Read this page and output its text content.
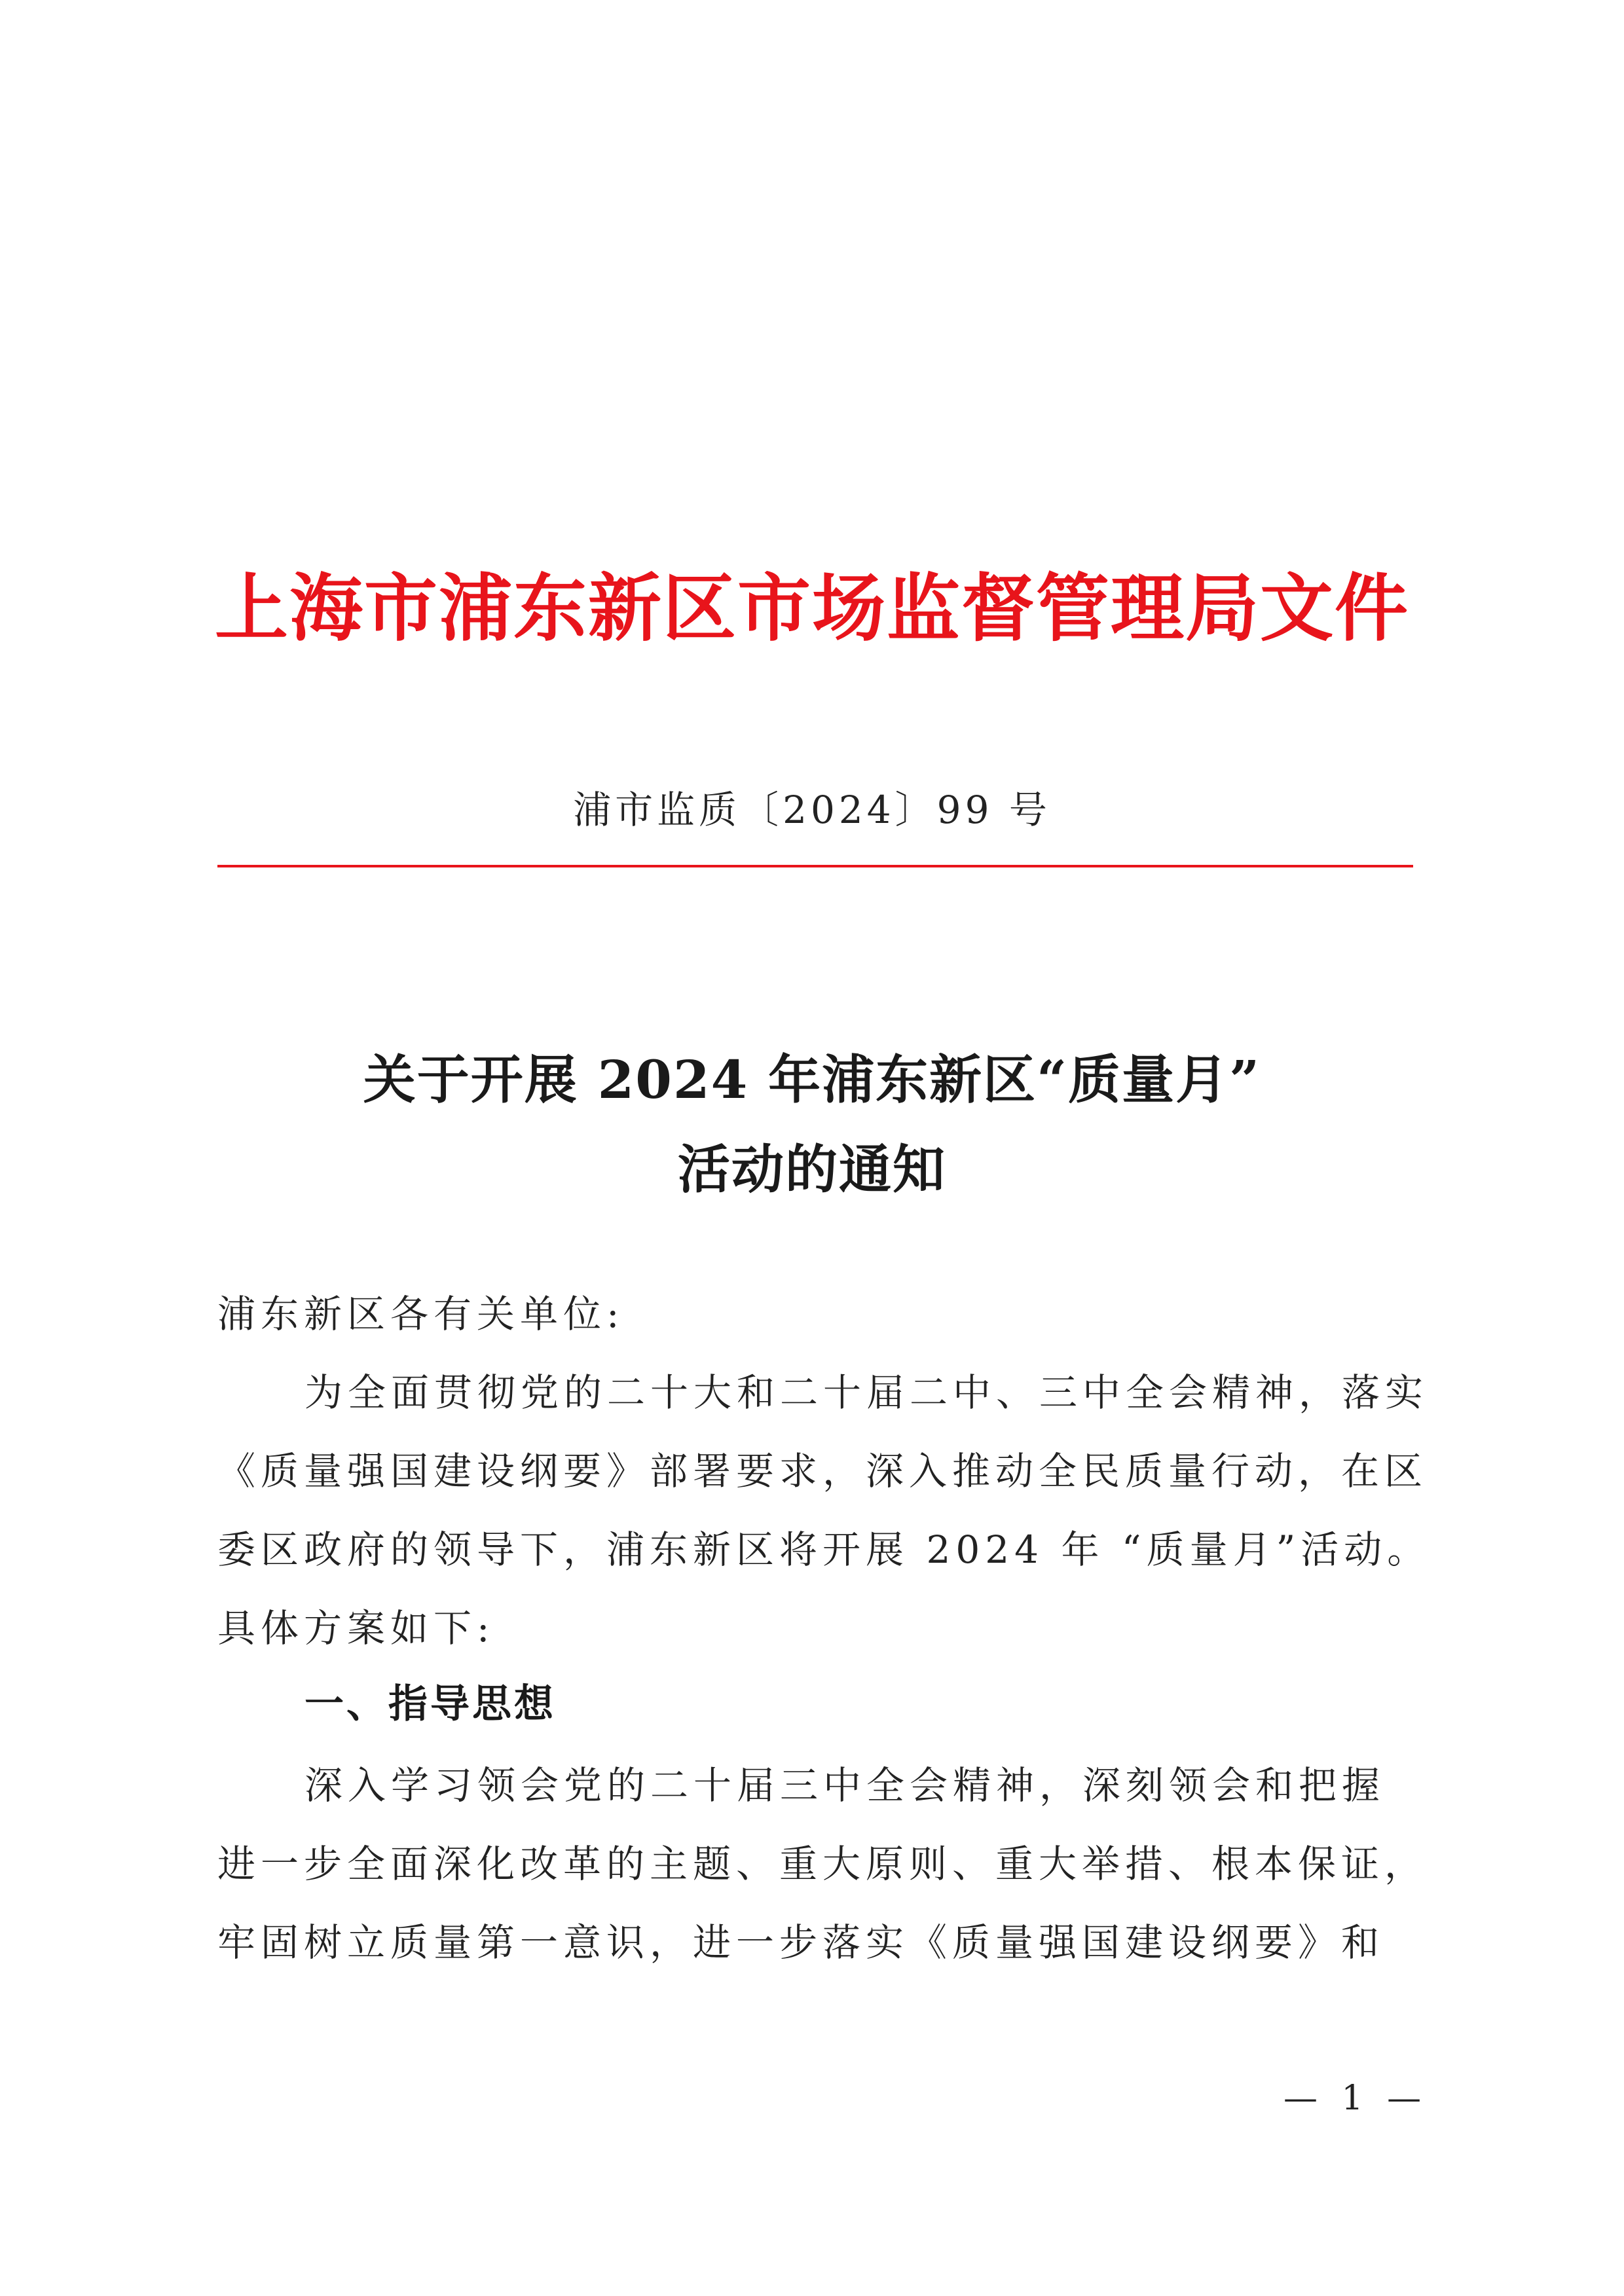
上海市浦东新区市场监督管理局文件
浦市监质〔2024〕99 号
关于开展 2024 年浦东新区“质量月”
活动的通知
浦东新区各有关单位:
为全面贯彻党的二十大和二十届二中、三中全会精神，落实
《质量强国建设纲要》部署要求，深入推动全民质量行动，在区
委区政府的领导下，浦东新区将开展 2024 年 “质量月”活动。
具体方案如下:
一、指导思想
深入学习领会党的二十届三中全会精神，深刻领会和把握
进一步全面深化改革的主题、重大原则、重大举措、根本保证，
牢固树立质量第一意识，进一步落实《质量强国建设纲要》和
— 1 —
